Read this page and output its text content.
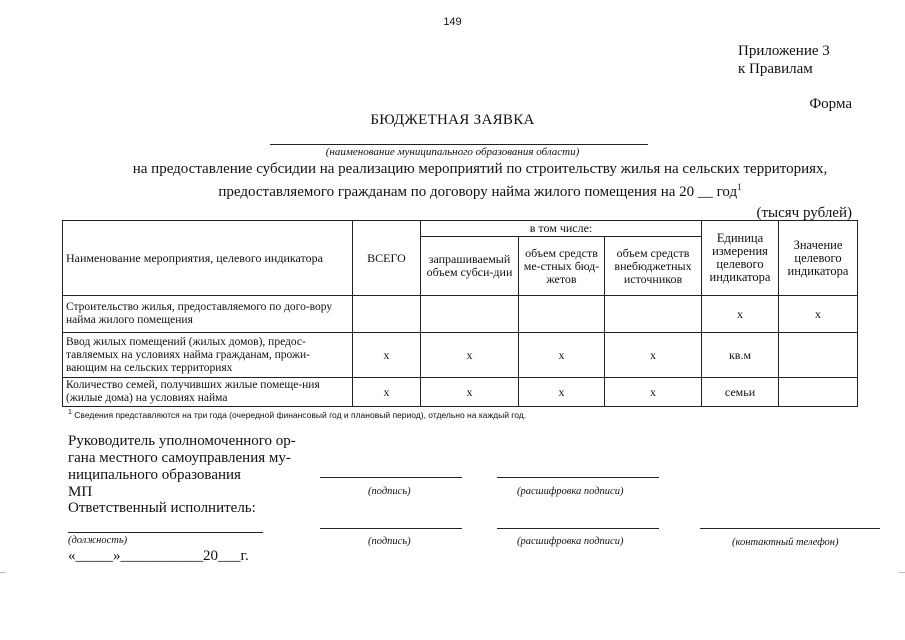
149
Приложение 3
к Правилам
Форма
БЮДЖЕТНАЯ ЗАЯВКА
(наименование муниципального образования области)
на предоставление субсидии на реализацию мероприятий по строительству жилья на сельских территориях,
предоставляемого гражданам по договору найма жилого помещения на 20 __ год$^1$
(тысяч рублей)
Наименование мероприятия, целевого индикатора	ВСЕГО	в том числе:			Единица измерения целевого индикатора	Значение целевого индикатора
		запрашиваемый объем субси-дии	объем средств ме-стных бюд-жетов	объем средств внебюджетных источников		
Строительство жилья, предоставляемого по дого-вору найма жилого помещения					х	х
Ввод жилых помещений (жилых домов), предос-тавляемых на условиях найма гражданам, прожи-вающим на сельских территориях	х	х	х	х	кв.м	
Количество семей, получивших жилые помеще-ния (жилые дома) на условиях найма	х	х	х	х	семьи	
$^1$ Сведения представляются на три года (очередной финансовый год и плановый период), отдельно на каждый год.
Руководитель уполномоченного ор-гана местного самоуправления му-ниципального образования
МП	(подпись)	(расшифровка подписи)
Ответственный исполнитель:
(должность)	(подпись)	(расшифровка подписи)	(контактный телефон)
«_____»___________20___г.
